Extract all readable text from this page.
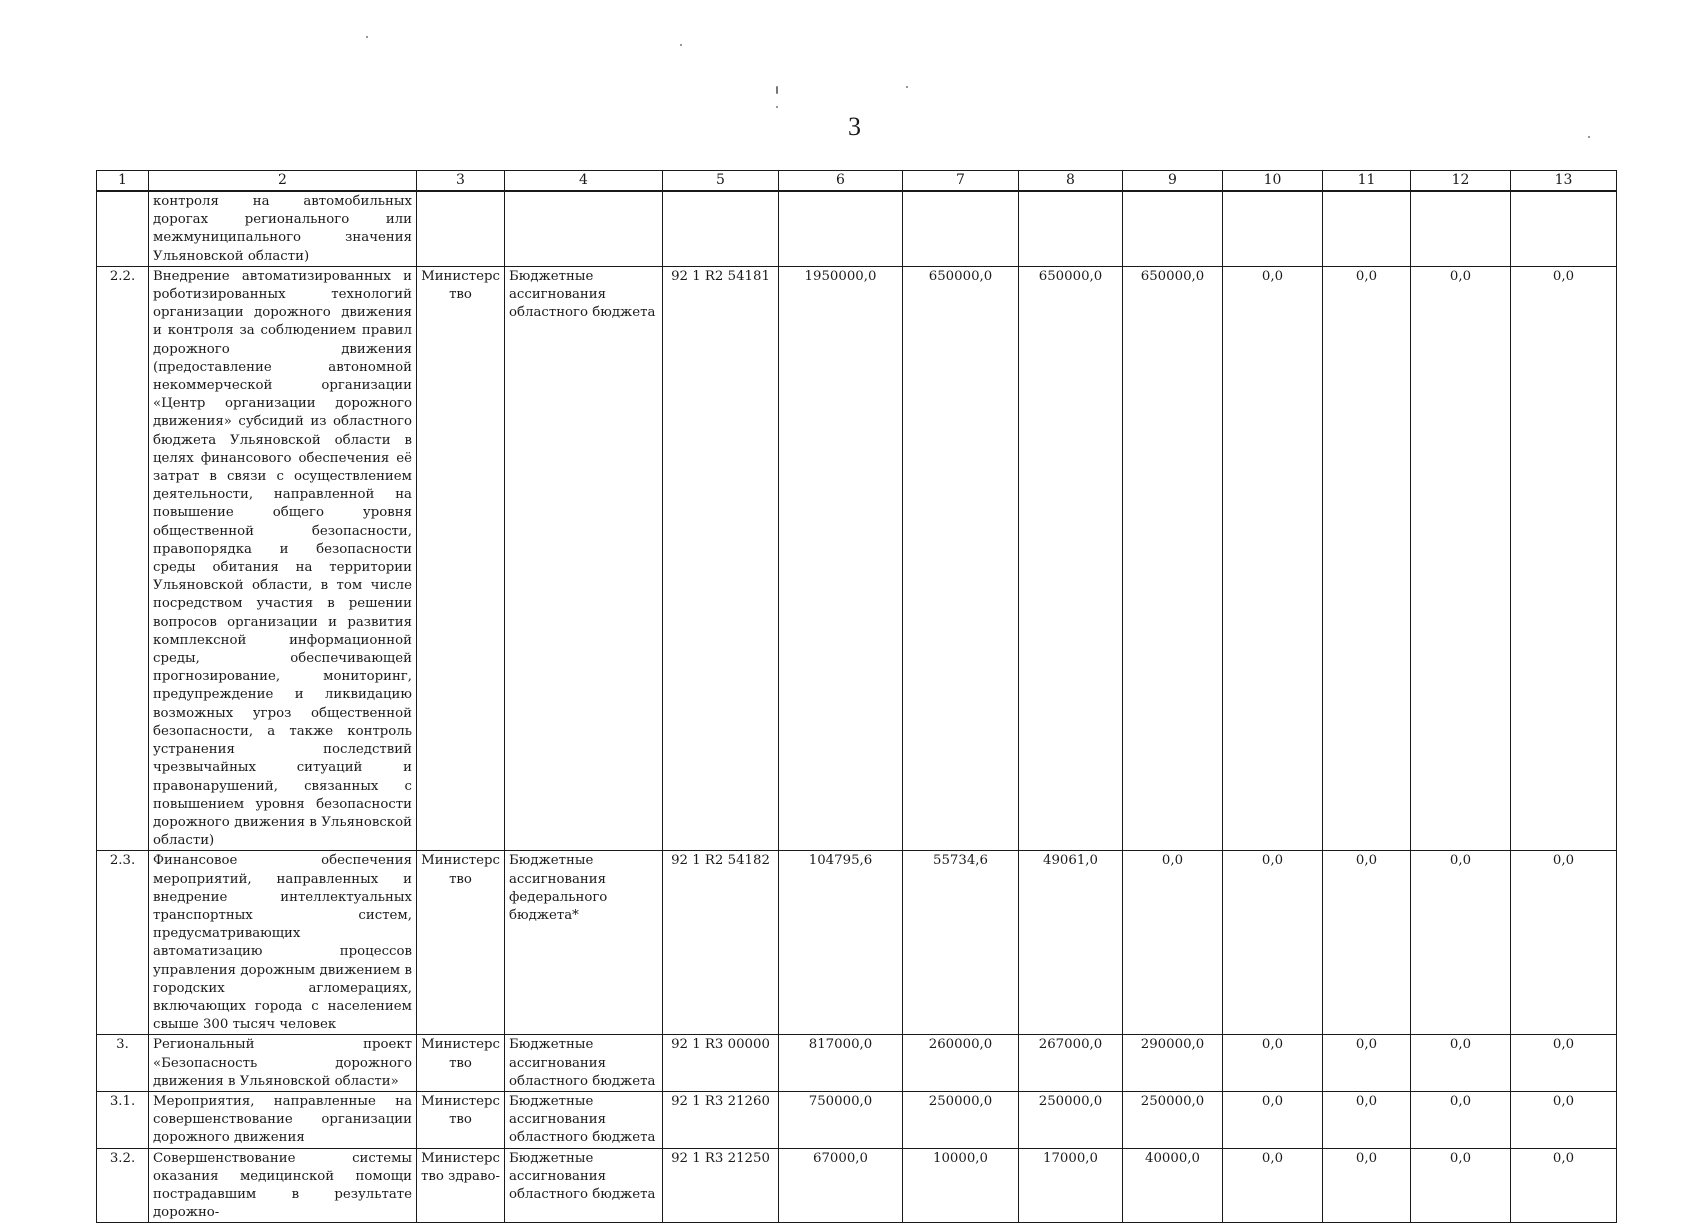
3
1	2	3	4	5	6	7	8	9	10	11	12	13
	контроля на автомобильных дорогах регионального или межмуниципального значения Ульяновской области)											
2.2.	Внедрение автоматизированных и роботизированных технологий организации дорожного движения и контроля за соблюдением правил дорожного движения (предоставление автономной некоммерческой организации «Центр организации дорожного движения» субсидий из областного бюджета Ульяновской области в целях финансового обеспечения её затрат в связи с осуществлением деятельности, направленной на повышение общего уровня общественной безопасности, правопорядка и безопасности среды обитания на территории Ульяновской области, в том числе посредством участия в решении вопросов организации и развития комплексной информационной среды, обеспечивающей прогнозирование, мониторинг, предупреждение и ликвидацию возможных угроз общественной безопасности, а также контроль устранения последствий чрезвычайных ситуаций и правонарушений, связанных с повышением уровня безопасности дорожного движения в Ульяновской области)	Министерство	Бюджетные ассигнования областного бюджета	92 1 R2 54181	1950000,0	650000,0	650000,0	650000,0	0,0	0,0	0,0	0,0
2.3.	Финансовое обеспечения мероприятий, направленных и внедрение интеллектуальных транспортных систем, предусматривающих автоматизацию процессов управления дорожным движением в городских агломерациях, включающих города с населением свыше 300 тысяч человек	Министерство	Бюджетные ассигнования федерального бюджета*	92 1 R2 54182	104795,6	55734,6	49061,0	0,0	0,0	0,0	0,0	0,0
3.	Региональный проект «Безопасность дорожного движения в Ульяновской области»	Министерство	Бюджетные ассигнования областного бюджета	92 1 R3 00000	817000,0	260000,0	267000,0	290000,0	0,0	0,0	0,0	0,0
3.1.	Мероприятия, направленные на совершенствование организации дорожного движения	Министерство	Бюджетные ассигнования областного бюджета	92 1 R3 21260	750000,0	250000,0	250000,0	250000,0	0,0	0,0	0,0	0,0
3.2.	Совершенствование системы оказания медицинской помощи пострадавшим в результате дорожно-	Министерство здраво-	Бюджетные ассигнования областного бюджета	92 1 R3 21250	67000,0	10000,0	17000,0	40000,0	0,0	0,0	0,0	0,0
